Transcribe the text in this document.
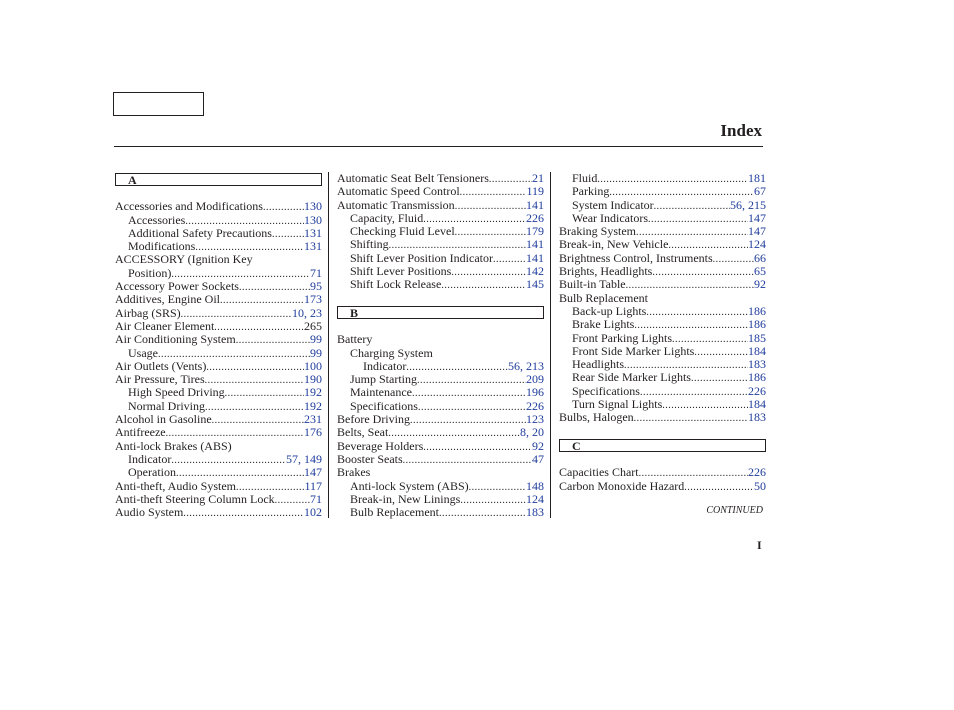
Index
A
Accessories and Modifications .....	130
Accessories .....	130
Additional Safety Precautions .....	131
Modifications .....	131
ACCESSORY (Ignition Key
Position) .....	71
Accessory Power Sockets .....	95
Additives, Engine Oil .....	173
Airbag (SRS) .....	10, 23
Air Cleaner Element .....	265
Air Conditioning System .....	99
Usage .....	99
Air Outlets (Vents) .....	100
Air Pressure, Tires .....	190
High Speed Driving .....	192
Normal Driving .....	192
Alcohol in Gasoline .....	231
Antifreeze .....	176
Anti-lock Brakes (ABS)
Indicator .....	57, 149
Operation .....	147
Anti-theft, Audio System .....	117
Anti-theft Steering Column Lock .....	71
Audio System .....	102
Automatic Seat Belt Tensioners .....	21
Automatic Speed Control .....	119
Automatic Transmission .....	141
Capacity, Fluid .....	226
Checking Fluid Level .....	179
Shifting .....	141
Shift Lever Position Indicator .....	141
Shift Lever Positions .....	142
Shift Lock Release .....	145
B
Battery
Charging System
Indicator .....	56, 213
Jump Starting .....	209
Maintenance .....	196
Specifications .....	226
Before Driving .....	123
Belts, Seat .....	8, 20
Beverage Holders .....	92
Booster Seats .....	47
Brakes
Anti-lock System (ABS) .....	148
Break-in, New Linings .....	124
Bulb Replacement .....	183
Fluid .....	181
Parking .....	67
System Indicator .....	56, 215
Wear Indicators .....	147
Braking System .....	147
Break-in, New Vehicle .....	124
Brightness Control, Instruments .....	66
Brights, Headlights .....	65
Built-in Table .....	92
Bulb Replacement
Back-up Lights .....	186
Brake Lights .....	186
Front Parking Lights .....	185
Front Side Marker Lights .....	184
Headlights .....	183
Rear Side Marker Lights .....	186
Specifications .....	226
Turn Signal Lights .....	184
Bulbs, Halogen .....	183
C
Capacities Chart .....	226
Carbon Monoxide Hazard .....	50
CONTINUED
I
